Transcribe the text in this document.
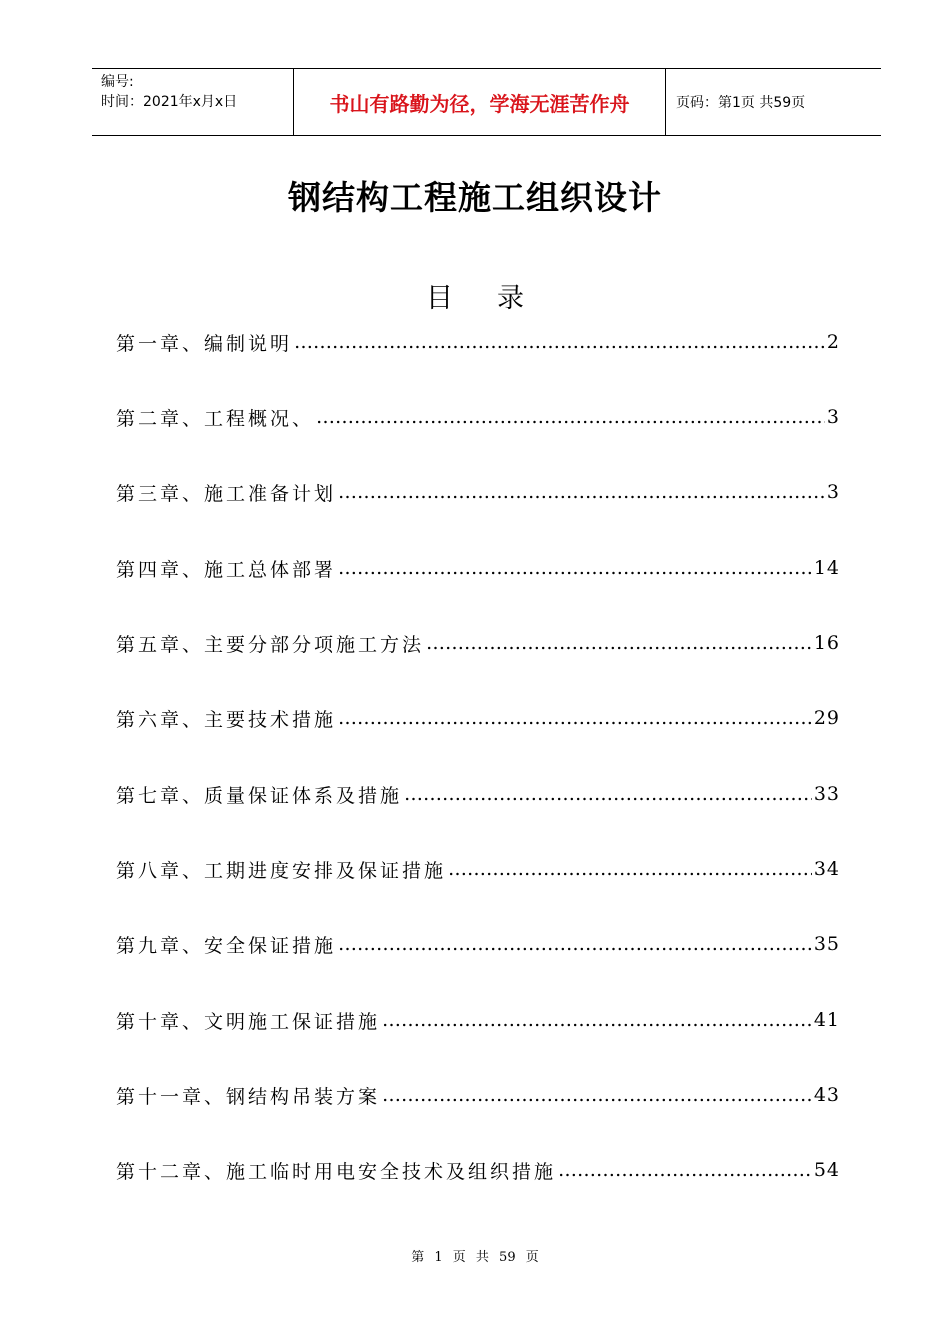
编号:
时间：2021年x月x日	书山有路勤为径，学海无涯苦作舟	页码：第1页 共59页
钢结构工程施工组织设计
目录
第一章、编制说明 …………………………………………………………………………………………………………………………………………	2
第二章、工程概况、 …………………………………………………………………………………………………………………………………………	3
第三章、施工准备计划 …………………………………………………………………………………………………………………………………………	3
第四章、施工总体部署 …………………………………………………………………………………………………………………………………………	14
第五章、主要分部分项施工方法 …………………………………………………………………………………………………………………………………………	16
第六章、主要技术措施 …………………………………………………………………………………………………………………………………………	29
第七章、质量保证体系及措施 …………………………………………………………………………………………………………………………………………	33
第八章、工期进度安排及保证措施 …………………………………………………………………………………………………………………………………………	34
第九章、安全保证措施 …………………………………………………………………………………………………………………………………………	35
第十章、文明施工保证措施 …………………………………………………………………………………………………………………………………………	41
第十一章、钢结构吊装方案 …………………………………………………………………………………………………………………………………………	43
第十二章、施工临时用电安全技术及组织措施 …………………………………………………………………………………………………………………………………………	54
第 1 页 共 59 页
